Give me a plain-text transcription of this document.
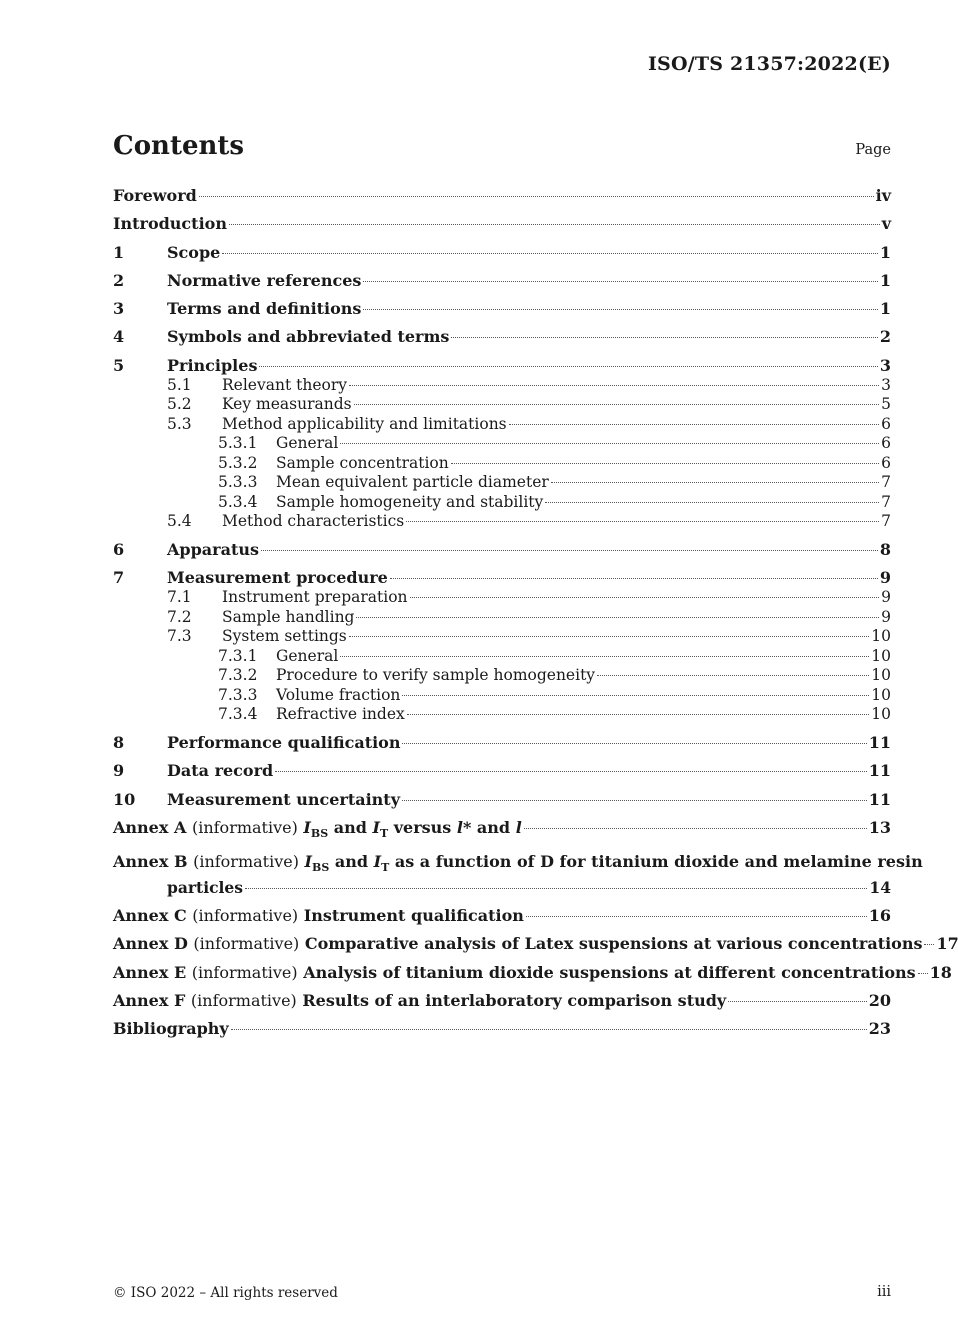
ISO/TS 21357:2022(E)
Contents	Page
Foreword	iv
Introduction	v
1	Scope	1
2	Normative references	1
3	Terms and definitions	1
4	Symbols and abbreviated terms	2
5	Principles	3
5.1	Relevant theory	3
5.2	Key measurands	5
5.3	Method applicability and limitations	6
5.3.1	General	6
5.3.2	Sample concentration	6
5.3.3	Mean equivalent particle diameter	7
5.3.4	Sample homogeneity and stability	7
5.4	Method characteristics	7
6	Apparatus	8
7	Measurement procedure	9
7.1	Instrument preparation	9
7.2	Sample handling	9
7.3	System settings	10
7.3.1	General	10
7.3.2	Procedure to verify sample homogeneity	10
7.3.3	Volume fraction	10
7.3.4	Refractive index	10
8	Performance qualification	11
9	Data record	11
10	Measurement uncertainty	11
Annex A (informative) $I_{BS}$ and $I_T$ versus l* and l	13
Annex B (informative) $I_{BS}$ and $I_T$ as a function of D for titanium dioxide and melamine resin
particles	14
Annex C (informative) Instrument qualification	16
Annex D (informative) Comparative analysis of Latex suspensions at various concentrations 17
Annex E (informative) Analysis of titanium dioxide suspensions at different concentrations 18
Annex F (informative) Results of an interlaboratory comparison study	20
Bibliography	23
© ISO 2022 – All rights reserved	iii
